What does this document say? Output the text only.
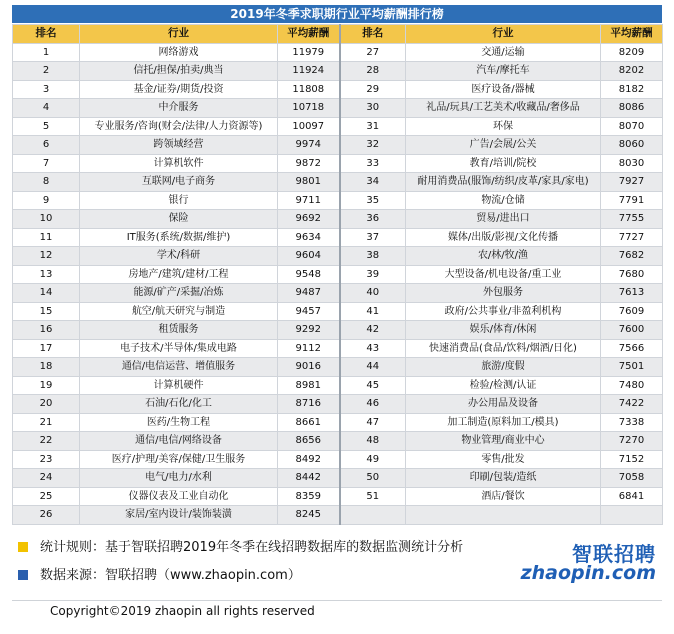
2019年冬季求职期行业平均薪酬排行榜
排名	行业	平均薪酬	排名	行业	平均薪酬
1	网络游戏	11979	27	交通/运输	8209
2	信托/担保/拍卖/典当	11924	28	汽车/摩托车	8202
3	基金/证券/期货/投资	11808	29	医疗设备/器械	8182
4	中介服务	10718	30	礼品/玩具/工艺美术/收藏品/奢侈品	8086
5	专业服务/咨询(财会/法律/人力资源等)	10097	31	环保	8070
6	跨领域经营	9974	32	广告/会展/公关	8060
7	计算机软件	9872	33	教育/培训/院校	8030
8	互联网/电子商务	9801	34	耐用消费品(服饰/纺织/皮革/家具/家电)	7927
9	银行	9711	35	物流/仓储	7791
10	保险	9692	36	贸易/进出口	7755
11	IT服务(系统/数据/维护)	9634	37	媒体/出版/影视/文化传播	7727
12	学术/科研	9604	38	农/林/牧/渔	7682
13	房地产/建筑/建材/工程	9548	39	大型设备/机电设备/重工业	7680
14	能源/矿产/采掘/冶炼	9487	40	外包服务	7613
15	航空/航天研究与制造	9457	41	政府/公共事业/非盈利机构	7609
16	租赁服务	9292	42	娱乐/体育/休闲	7600
17	电子技术/半导体/集成电路	9112	43	快速消费品(食品/饮料/烟酒/日化)	7566
18	通信/电信运营、增值服务	9016	44	旅游/度假	7501
19	计算机硬件	8981	45	检验/检测/认证	7480
20	石油/石化/化工	8716	46	办公用品及设备	7422
21	医药/生物工程	8661	47	加工制造(原料加工/模具)	7338
22	通信/电信/网络设备	8656	48	物业管理/商业中心	7270
23	医疗/护理/美容/保健/卫生服务	8492	49	零售/批发	7152
24	电气/电力/水利	8442	50	印刷/包装/造纸	7058
25	仪器仪表及工业自动化	8359	51	酒店/餐饮	6841
26	家居/室内设计/装饰装潢	8245			
统计规则：基于智联招聘2019年冬季在线招聘数据库的数据监测统计分析
数据来源：智联招聘（www.zhaopin.com）
智联招聘
zhaopin.com
Copyright©2019 zhaopin all rights reserved
